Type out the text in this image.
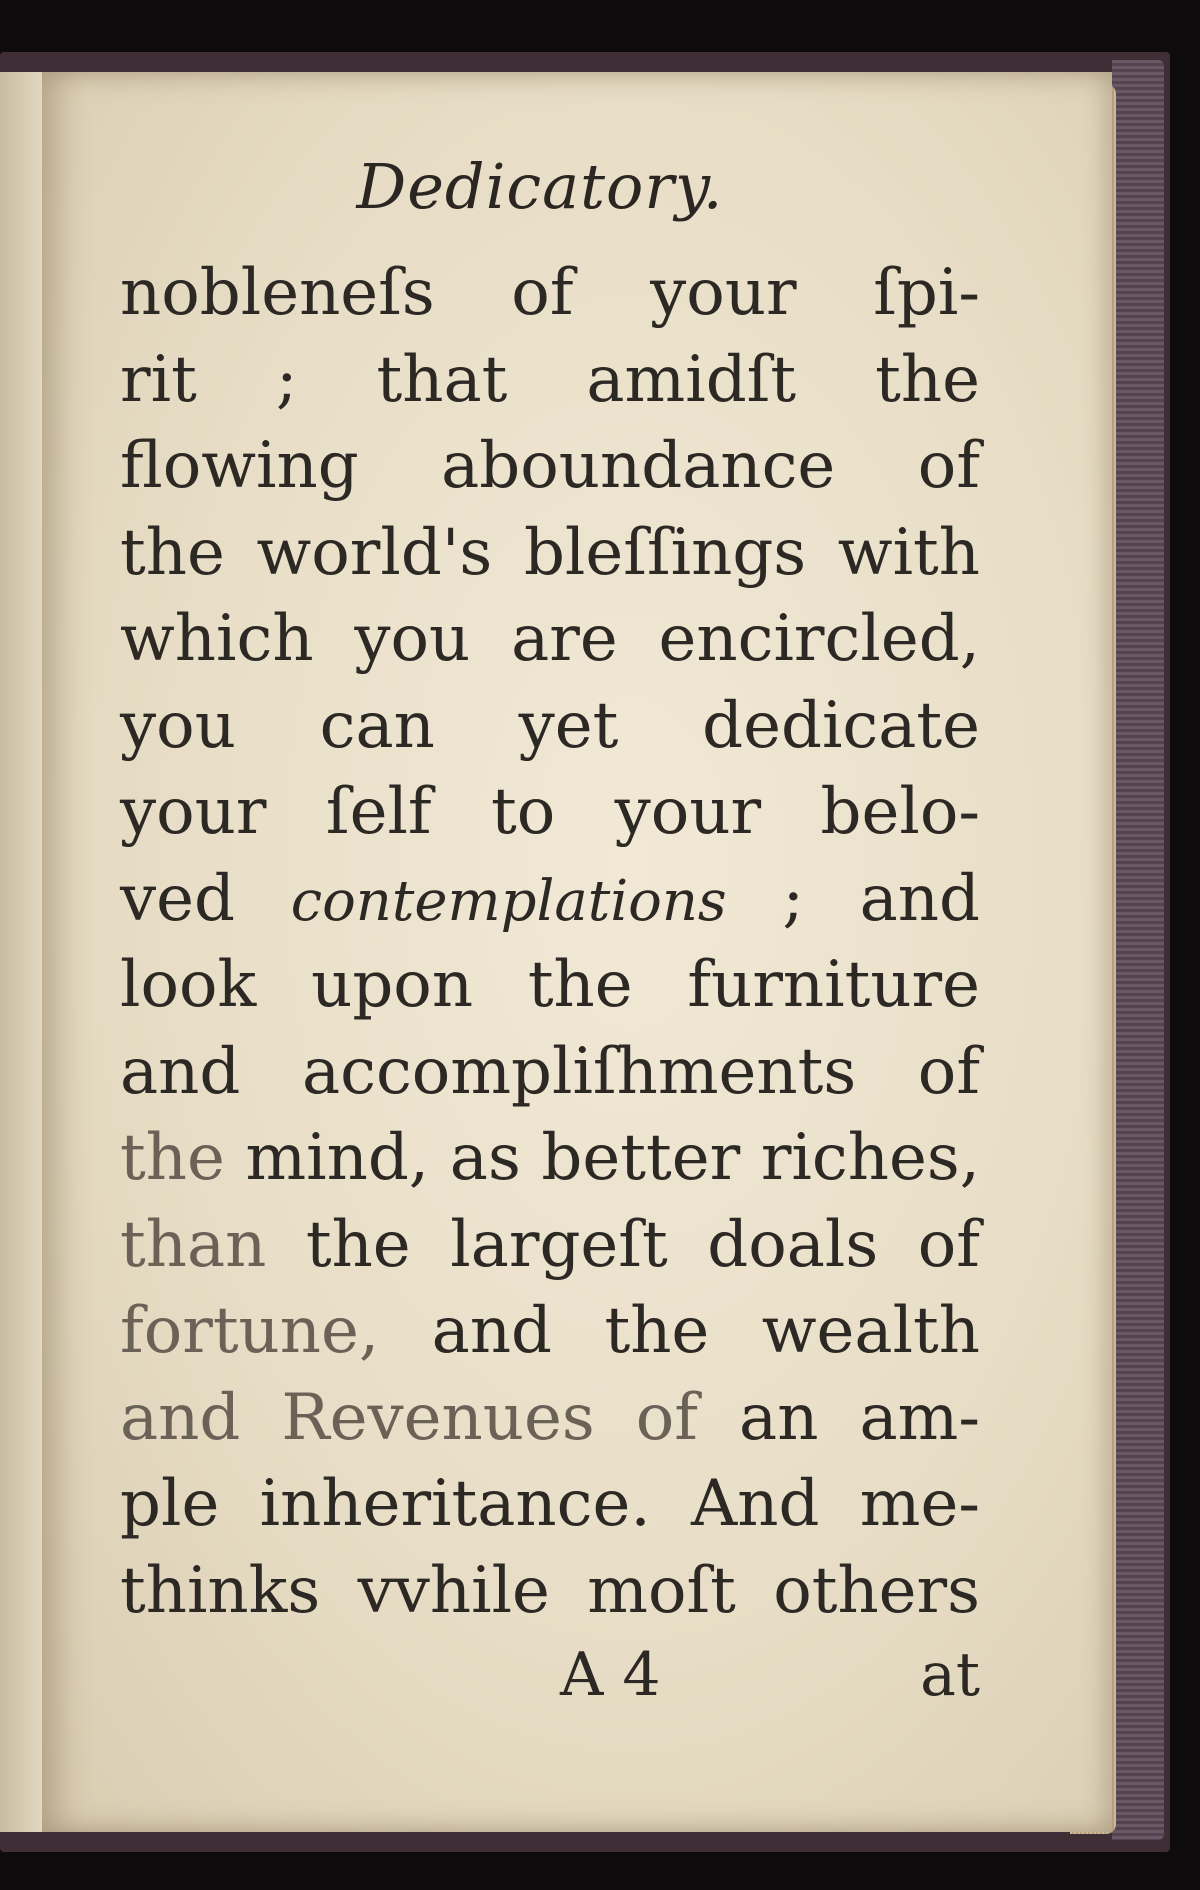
Dedicatory.
nobleneſs of your ſpi-
rit ; that amidſt the
flowing aboundance of
the world's bleſſings with
which you are encircled,
you can yet dedicate
your ſelf to your belo-
ved contemplations ; and
look upon the furniture
and accompliſhments of
the mind, as better riches,
than the largeſt doals of
fortune, and the wealth
and Revenues of an am-
ple inheritance. And me-
thinks vvhile moſt others
A 4	at
